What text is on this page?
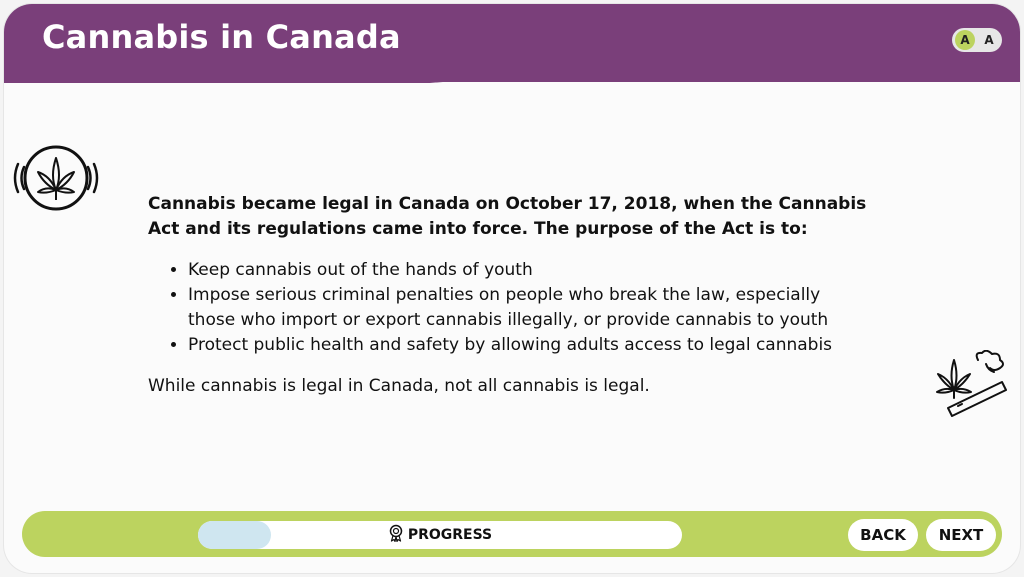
Cannabis in Canada	A	A

Cannabis became legal in Canada on October 17, 2018, when the Cannabis Act and its regulations came into force. The purpose of the Act is to:

• Keep cannabis out of the hands of youth
• Impose serious criminal penalties on people who break the law, especially those who import or export cannabis illegally, or provide cannabis to youth
• Protect public health and safety by allowing adults access to legal cannabis

While cannabis is legal in Canada, not all cannabis is legal.

PROGRESS	BACK	NEXT
